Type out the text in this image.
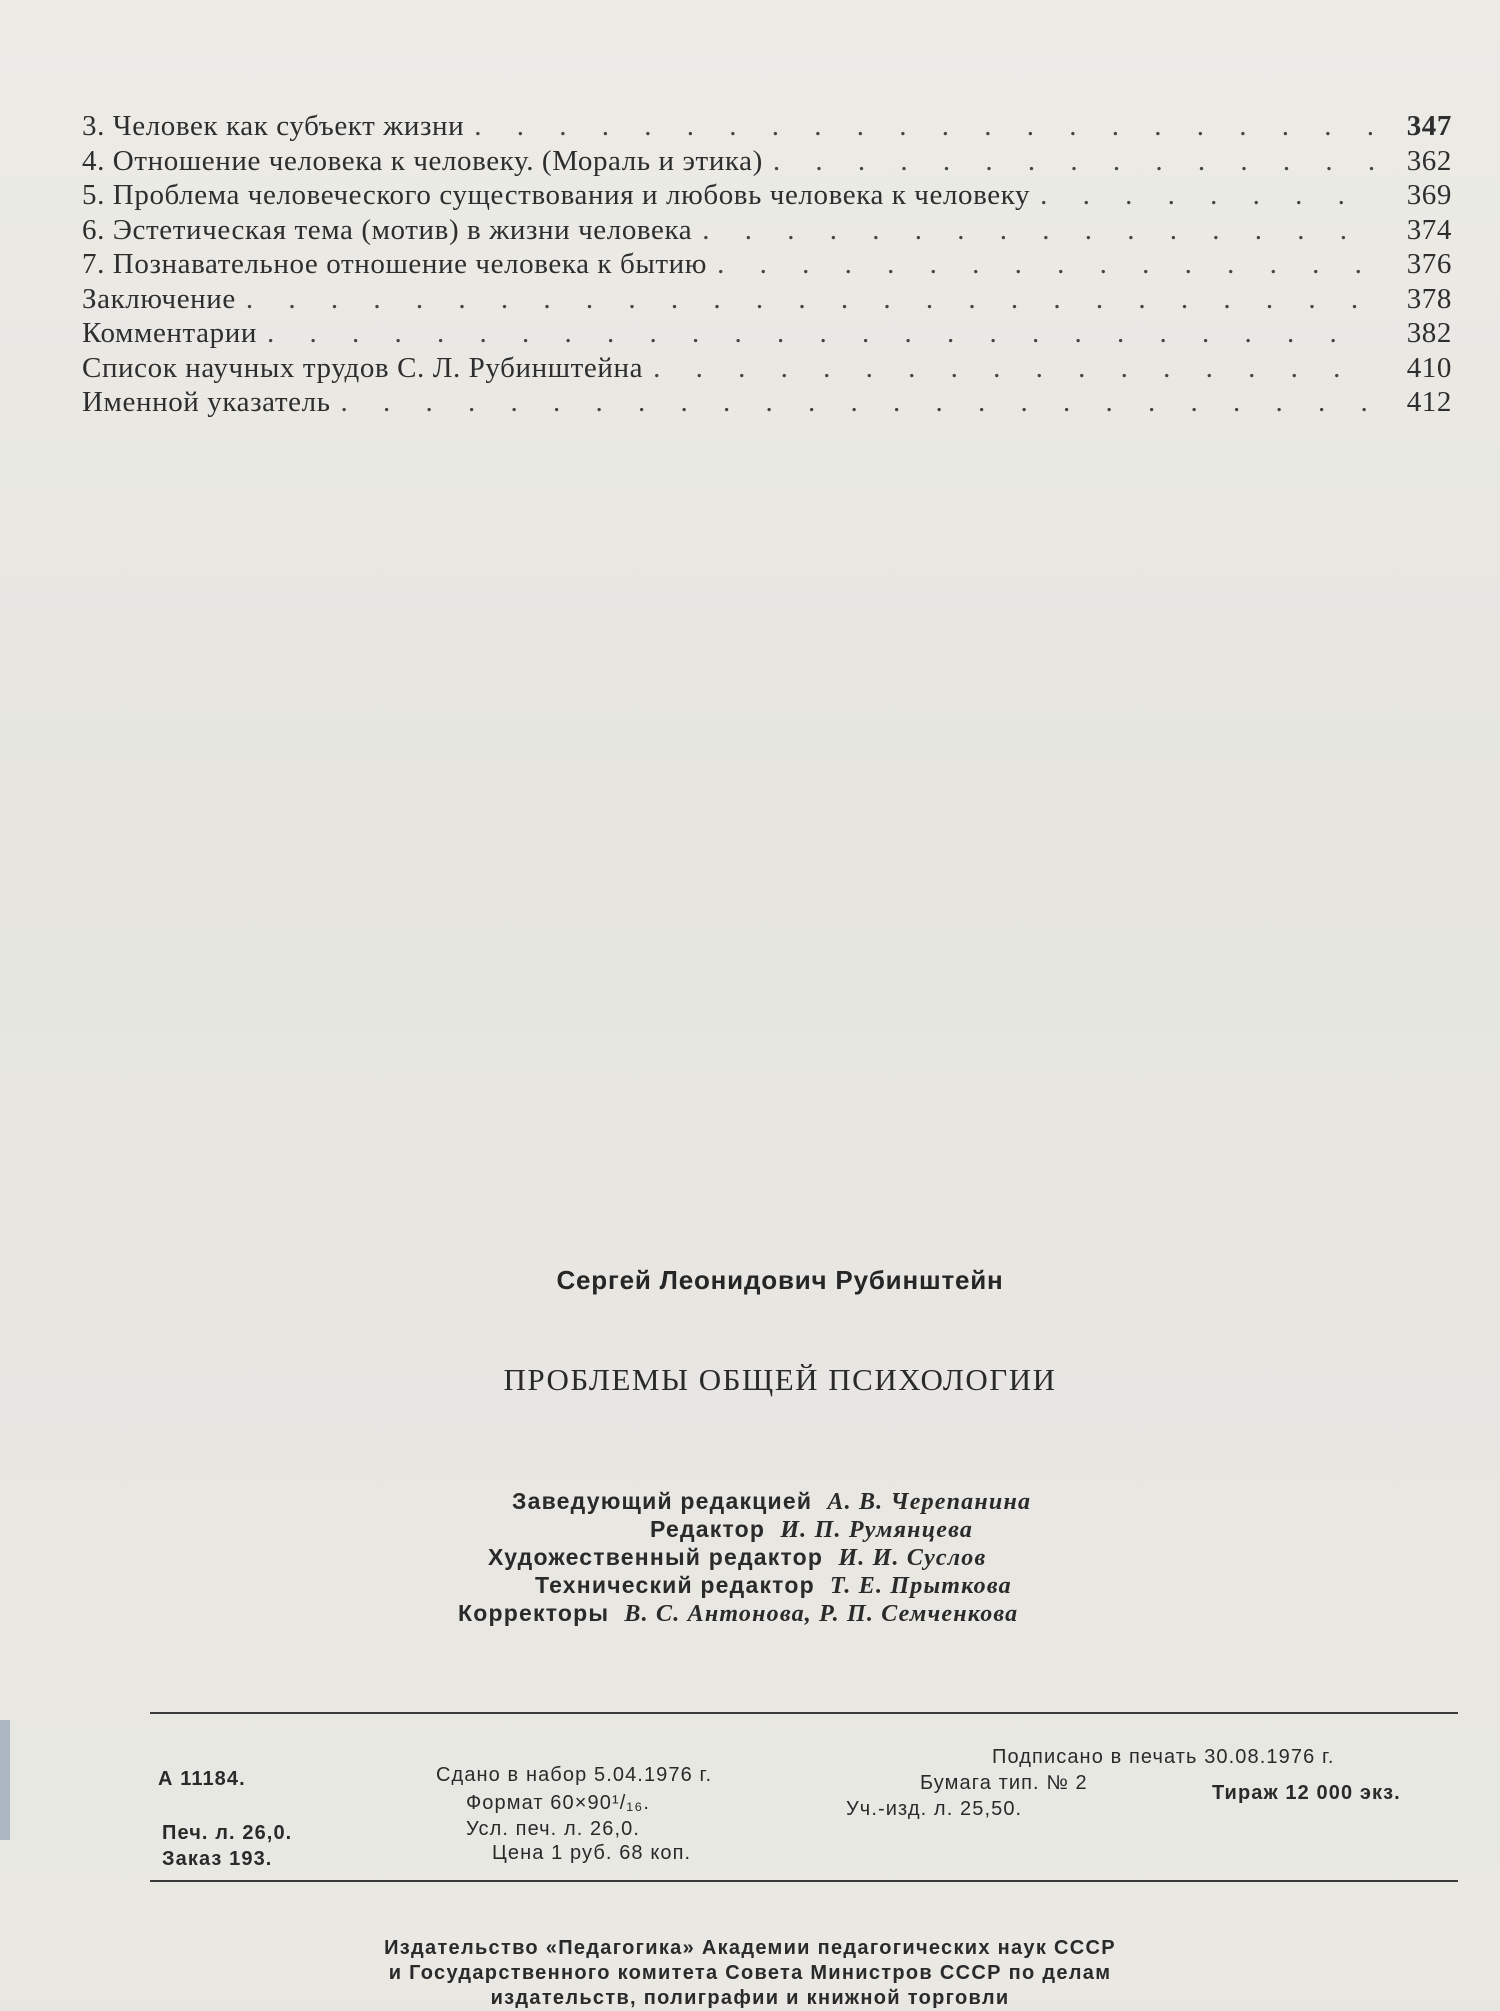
3. Человек как субъект жизни . . .	347
4. Отношение человека к человеку. (Мораль и этика) . . .	362
5. Проблема человеческого существования и любовь человека к человеку . . .	369
6. Эстетическая тема (мотив) в жизни человека . . .	374
7. Познавательное отношение человека к бытию . . .	376
Заключение . . .	378
Комментарии . . .	382
Список научных трудов С. Л. Рубинштейна . . .	410
Именной указатель . . .	412
Сергей Леонидович Рубинштейн
ПРОБЛЕМЫ ОБЩЕЙ ПСИХОЛОГИИ
Заведующий редакцией А. В. Черепанина
Редактор И. П. Румянцева
Художественный редактор И. И. Суслов
Технический редактор Т. Е. Прыткова
Корректоры В. С. Антонова, Р. П. Семченкова
А 11184.	Сдано в набор 5.04.1976 г.
Подписано в печать 30.08.1976 г.
Формат 60×90¹/₁₆.
Бумага тип. № 2	Тираж 12 000 экз.
Печ. л. 26,0.	Усл. печ. л. 26,0.
Уч.-изд. л. 25,50.
Заказ 193.	Цена 1 руб. 68 коп.
Издательство «Педагогика» Академии педагогических наук СССР
и Государственного комитета Совета Министров СССР по делам
издательств, полиграфии и книжной торговли
